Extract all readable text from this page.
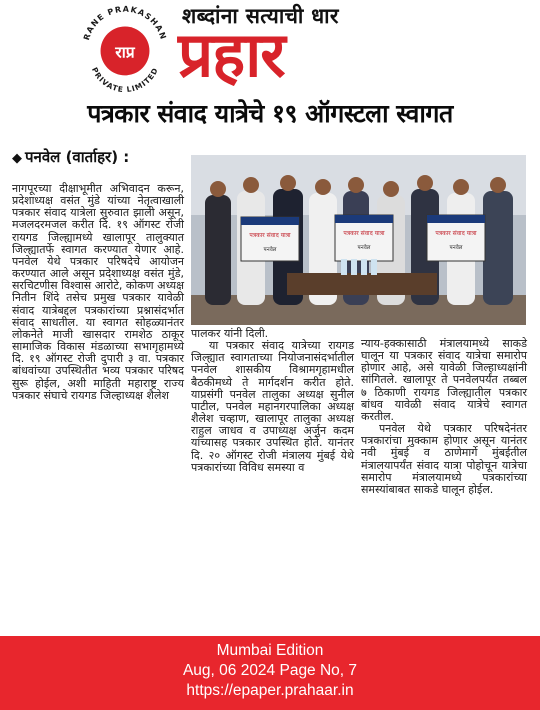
RANE PRAKASHAN
PRIVATE LIMITED
राप्र
शब्दांना सत्याची धार
प्रहार
पत्रकार संवाद यात्रेचे १९ ऑगस्टला स्वागत
◆ पनवेल (वार्ताहर) :
पत्रकार संवाद यात्रा	पत्रकार संवाद यात्रा	पत्रकार संवाद यात्रा
पनवेल	पनवेल	पनवेल
नागपूरच्या दीक्षाभूमीत अभिवादन करून, प्रदेशाध्यक्ष वसंत मुंडे यांच्या नेतृत्वाखाली पत्रकार संवाद यात्रेला सुरुवात झाली असून, मजलदरमजल करीत दि. १९ ऑगस्ट रोजी रायगड जिल्ह्यामध्ये खालापूर तालुक्यात जिल्ह्यातर्फे स्वागत करण्यात येणार आहे. पनवेल येथे पत्रकार परिषदेचे आयोजन करण्यात आले असून प्रदेशाध्यक्ष वसंत मुंडे, सरचिटणीस विश्वास आरोटे, कोकण अध्यक्ष नितीन शिंदे तसेच प्रमुख पत्रकार यावेळी संवाद यात्रेबद्दल पत्रकारांच्या प्रश्नासंदर्भात संवाद साधतील. या स्वागत सोहळ्यानंतर लोकनेते माजी खासदार रामशेठ ठाकूर सामाजिक विकास मंडळाच्या सभागृहामध्ये दि. १९ ऑगस्ट रोजी दुपारी ३ वा. पत्रकार बांधवांच्या उपस्थितीत भव्य पत्रकार परिषद सुरू होईल, अशी माहिती महाराष्ट्र राज्य पत्रकार संघाचे रायगड जिल्हाध्यक्ष शैलेश
पालकर यांनी दिली.
या पत्रकार संवाद यात्रेच्या रायगड जिल्ह्यात स्वागताच्या नियोजनासंदर्भातील पनवेल शासकीय विश्रामगृहामधील बैठकीमध्ये ते मार्गदर्शन करीत होते. याप्रसंगी पनवेल तालुका अध्यक्ष सुनील पाटील, पनवेल महानगरपालिका अध्यक्ष शैलेश चव्हाण, खालापूर तालुका अध्यक्ष राहुल जाधव व उपाध्यक्ष अर्जुन कदम यांच्यासह पत्रकार उपस्थित होते. यानंतर दि. २० ऑगस्ट रोजी मंत्रालय मुंबई येथे पत्रकारांच्या विविध समस्या व
न्याय-हक्कासाठी मंत्रालयामध्ये साकडे घालून या पत्रकार संवाद यात्रेचा समारोप होणार आहे, असे यावेळी जिल्हाध्यक्षांनी सांगितले. खालापूर ते पनवेलपर्यंत तब्बल ७ ठिकाणी रायगड जिल्ह्यातील पत्रकार बांधव यावेळी संवाद यात्रेचे स्वागत करतील.
पनवेल येथे पत्रकार परिषदेनंतर पत्रकारांचा मुक्काम होणार असून यानंतर नवी मुंबई व ठाणेमार्गे मुंबईतील मंत्रालयापर्यंत संवाद यात्रा पोहोचून यात्रेचा समारोप मंत्रालयामध्ये पत्रकारांच्या समस्यांबाबत साकडे घालून होईल.
Mumbai Edition
Aug, 06 2024 Page No, 7
https://epaper.prahaar.in
